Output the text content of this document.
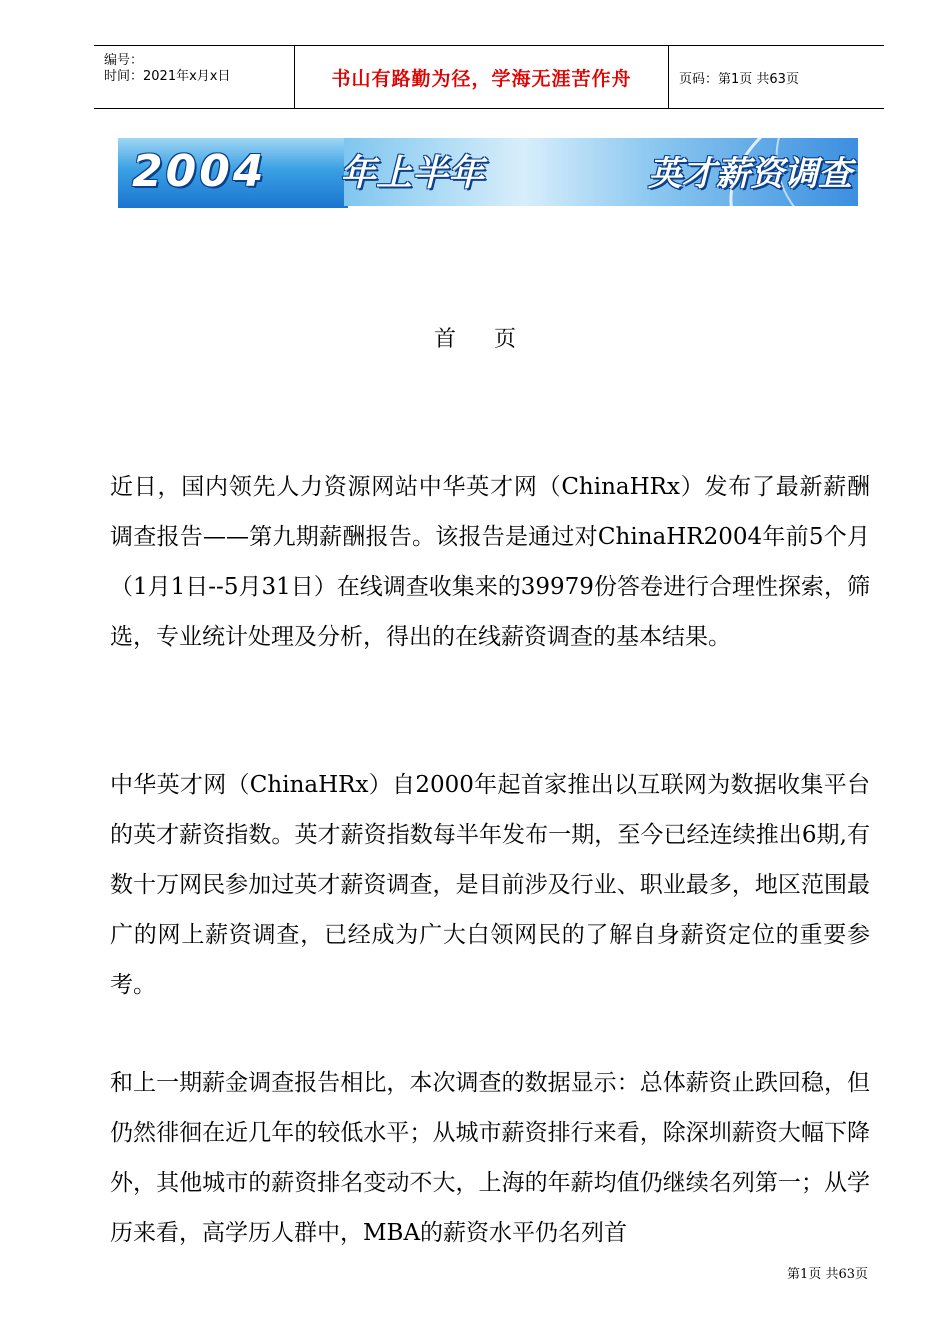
编号：
时间：2021年x月x日	书山有路勤为径，学海无涯苦作舟	页码：第1页 共63页
2004 年上半年	英才薪资调查
首页
近日，国内领先人力资源网站中华英才网（ChinaHRx）发布了最新薪酬调查报告——第九期薪酬报告。该报告是通过对ChinaHR2004年前5个月（1月1日--5月31日）在线调查收集来的39979份答卷进行合理性探索，筛选，专业统计处理及分析，得出的在线薪资调查的基本结果。
中华英才网（ChinaHRx）自2000年起首家推出以互联网为数据收集平台的英才薪资指数。英才薪资指数每半年发布一期，至今已经连续推出6期,有数十万网民参加过英才薪资调查，是目前涉及行业、职业最多，地区范围最广的网上薪资调查，已经成为广大白领网民的了解自身薪资定位的重要参考。
和上一期薪金调查报告相比，本次调查的数据显示：总体薪资止跌回稳，但仍然徘徊在近几年的较低水平；从城市薪资排行来看，除深圳薪资大幅下降外，其他城市的薪资排名变动不大，上海的年薪均值仍继续名列第一；从学历来看，高学历人群中，MBA的薪资水平仍名列首
第1页 共63页
